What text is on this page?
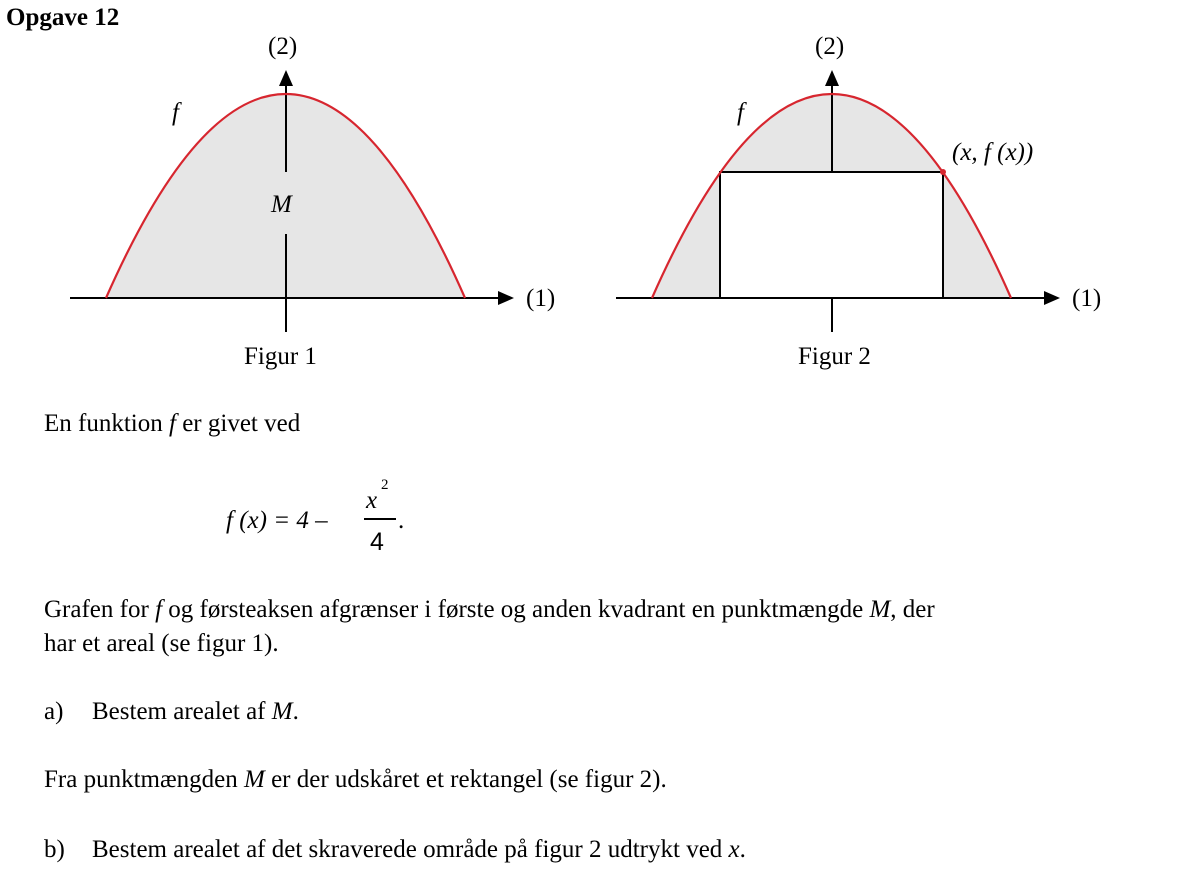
Opgave 12
(2)
(1)
f
M
Figur 1
(2)
(1)
f
(x, f (x))
Figur 2
En funktion f er givet ved
f (x) = 4 –
x
2
4
.
Grafen for f og førsteaksen afgrænser i første og anden kvadrant en punktmængde M, der
har et areal (se figur 1).
a) Bestem arealet af M.
Fra punktmængden M er der udskåret et rektangel (se figur 2).
b) Bestem arealet af det skraverede område på figur 2 udtrykt ved x.
